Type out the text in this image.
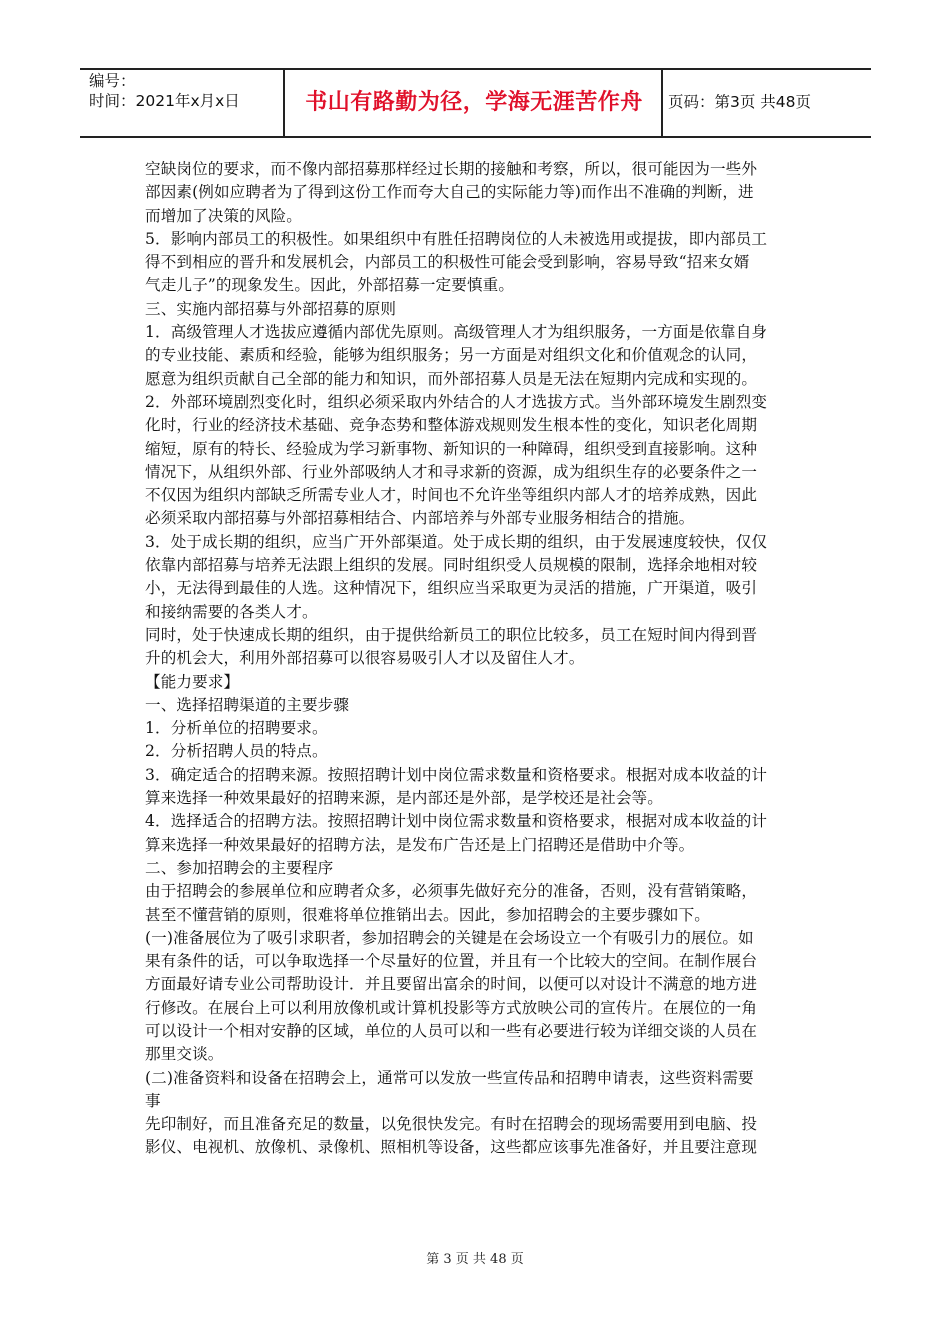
编号：
时间：2021年x月x日	书山有路勤为径，学海无涯苦作舟	页码：第3页 共48页

空缺岗位的要求，而不像内部招募那样经过长期的接触和考察，所以，很可能因为一些外

部因素(例如应聘者为了得到这份工作而夸大自己的实际能力等)而作出不准确的判断，进

而增加了决策的风险。

5．影响内部员工的积极性。如果组织中有胜任招聘岗位的人未被选用或提拔，即内部员工

得不到相应的晋升和发展机会，内部员工的积极性可能会受到影响，容易导致“招来女婿

气走儿子”的现象发生。因此，外部招募一定要慎重。

三、实施内部招募与外部招募的原则

1．高级管理人才选拔应遵循内部优先原则。高级管理人才为组织服务，一方面是依靠自身

的专业技能、素质和经验，能够为组织服务；另一方面是对组织文化和价值观念的认同，

愿意为组织贡献自己全部的能力和知识，而外部招募人员是无法在短期内完成和实现的。

2．外部环境剧烈变化时，组织必须采取内外结合的人才选拔方式。当外部环境发生剧烈变

化时，行业的经济技术基础、竞争态势和整体游戏规则发生根本性的变化，知识老化周期

缩短，原有的特长、经验成为学习新事物、新知识的一种障碍，组织受到直接影响。这种

情况下，从组织外部、行业外部吸纳人才和寻求新的资源，成为组织生存的必要条件之一

不仅因为组织内部缺乏所需专业人才，时间也不允许坐等组织内部人才的培养成熟，因此

必须采取内部招募与外部招募相结合、内部培养与外部专业服务相结合的措施。

3．处于成长期的组织，应当广开外部渠道。处于成长期的组织，由于发展速度较快，仅仅

依靠内部招募与培养无法跟上组织的发展。同时组织受人员规模的限制，选择余地相对较

小，无法得到最佳的人选。这种情况下，组织应当采取更为灵活的措施，广开渠道，吸引

和接纳需要的各类人才。

同时，处于快速成长期的组织，由于提供给新员工的职位比较多，员工在短时间内得到晋

升的机会大，利用外部招募可以很容易吸引人才以及留住人才。

【能力要求】

一、选择招聘渠道的主要步骤

1．分析单位的招聘要求。

2．分析招聘人员的特点。

3．确定适合的招聘来源。按照招聘计划中岗位需求数量和资格要求。根据对成本收益的计

算来选择一种效果最好的招聘来源，是内部还是外部，是学校还是社会等。

4．选择适合的招聘方法。按照招聘计划中岗位需求数量和资格要求，根据对成本收益的计

算来选择一种效果最好的招聘方法，是发布广告还是上门招聘还是借助中介等。

二、参加招聘会的主要程序

由于招聘会的参展单位和应聘者众多，必须事先做好充分的准备，否则，没有营销策略，

甚至不懂营销的原则，很难将单位推销出去。因此，参加招聘会的主要步骤如下。

(一)准备展位为了吸引求职者，参加招聘会的关键是在会场设立一个有吸引力的展位。如

果有条件的话，可以争取选择一个尽量好的位置，并且有一个比较大的空间。在制作展台

方面最好请专业公司帮助设计．并且要留出富余的时间，以便可以对设计不满意的地方进

行修改。在展台上可以利用放像机或计算机投影等方式放映公司的宣传片。在展位的一角

可以设计一个相对安静的区域，单位的人员可以和一些有必要进行较为详细交谈的人员在

那里交谈。

(二)准备资料和设备在招聘会上，通常可以发放一些宣传品和招聘申请表，这些资料需要

事

先印制好，而且准备充足的数量，以免很快发完。有时在招聘会的现场需要用到电脑、投

影仪、电视机、放像机、录像机、照相机等设备，这些都应该事先准备好，并且要注意现

第 3 页 共 48 页
